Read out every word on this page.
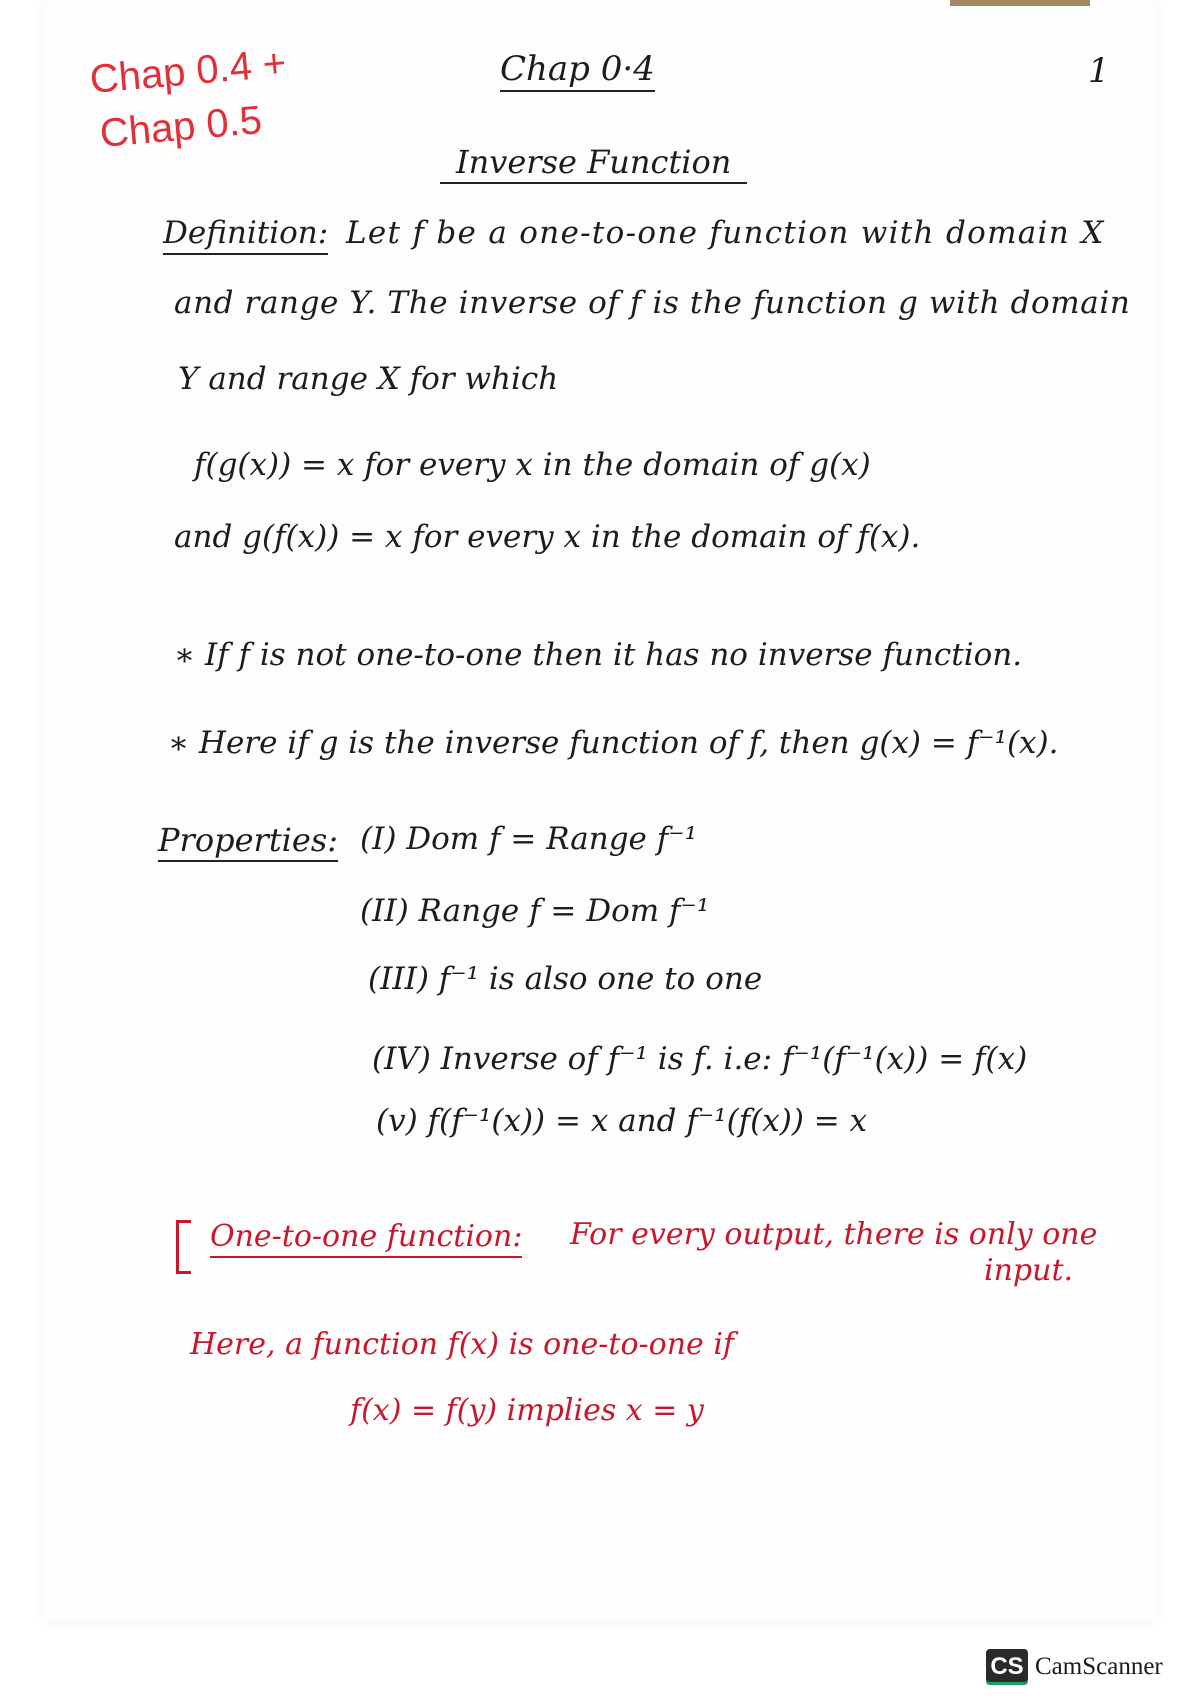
Chap 0.4 +
Chap 0.5
Chap 0·4	1
Inverse Function
Definition: Let f be a one-to-one function with domain X
and range Y. The inverse of f is the function g with domain
Y and range X for which
f(g(x)) = x for every x in the domain of g(x)
and g(f(x)) = x for every x in the domain of f(x).
∗ If f is not one-to-one then it has no inverse function.
∗ Here if g is the inverse function of f, then g(x) = f⁻¹(x).
Properties: (I) Dom f = Range f⁻¹
(II) Range f = Dom f⁻¹
(III) f⁻¹ is also one to one
(IV) Inverse of f⁻¹ is f. i.e: f⁻¹(f⁻¹(x)) = f(x)
(v) f(f⁻¹(x)) = x and f⁻¹(f(x)) = x
One-to-one function: For every output, there is only one
input.
Here, a function f(x) is one-to-one if
f(x) = f(y) implies x = y
CS CamScanner
